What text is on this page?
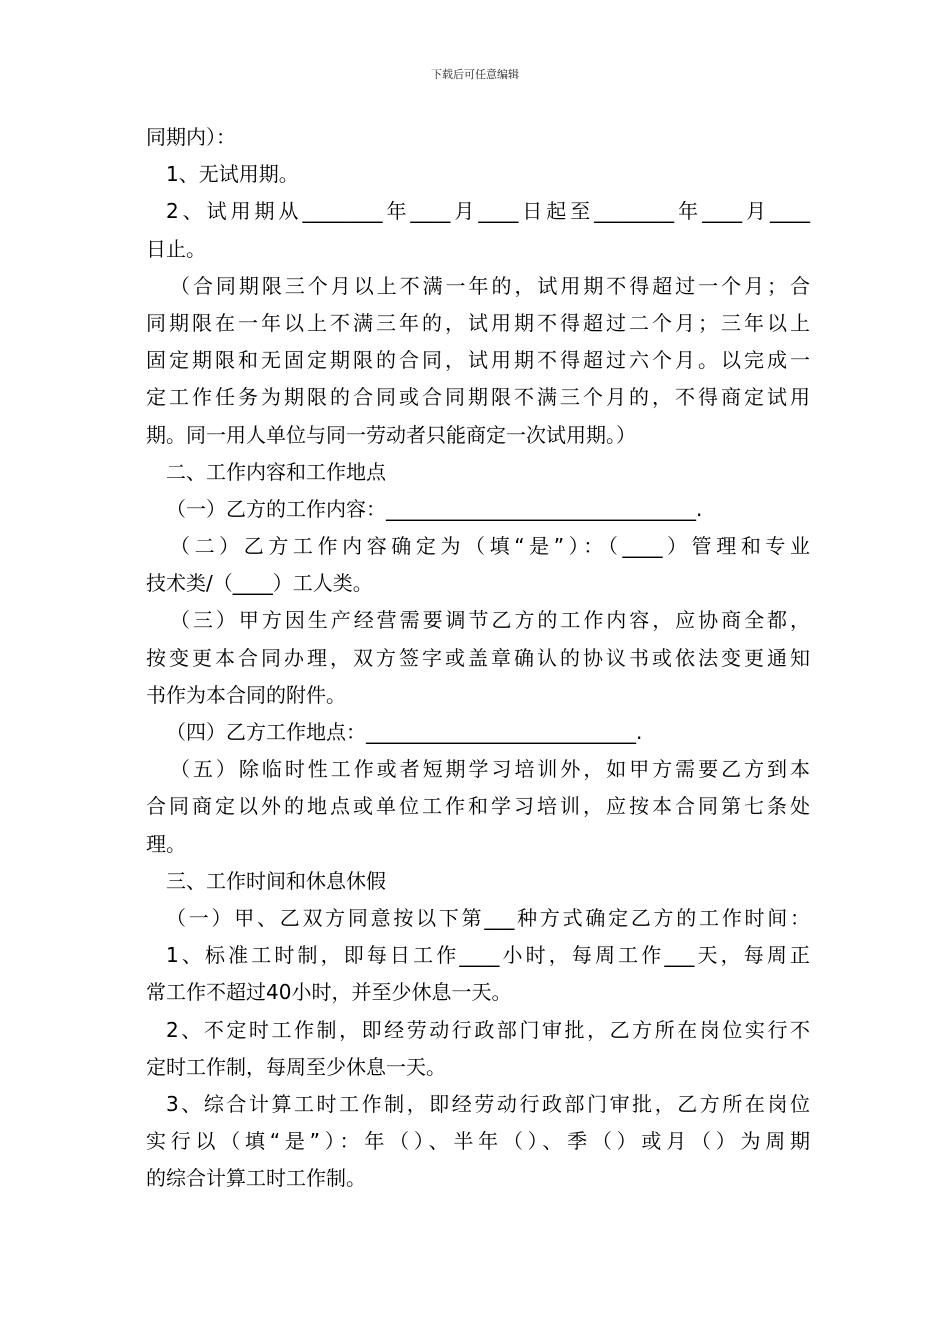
下载后可任意编辑
同期内）：
1、无试用期。
2、试用期从________年____月____日起至________年____月____
日止。
（合同期限三个月以上不满一年的，试用期不得超过一个月；合
同期限在一年以上不满三年的，试用期不得超过二个月；三年以上
固定期限和无固定期限的合同，试用期不得超过六个月。以完成一
定工作任务为期限的合同或合同期限不满三个月的，不得商定试用
期。同一用人单位与同一劳动者只能商定一次试用期。）
二、工作内容和工作地点
（一）乙方的工作内容：_______________________________.
（二）乙方工作内容确定为（填“是”）：（____）管理和专业
技术类/（____）工人类。
（三）甲方因生产经营需要调节乙方的工作内容，应协商全都，
按变更本合同办理，双方签字或盖章确认的协议书或依法变更通知
书作为本合同的附件。
（四）乙方工作地点：___________________________.
（五）除临时性工作或者短期学习培训外，如甲方需要乙方到本
合同商定以外的地点或单位工作和学习培训，应按本合同第七条处
理。
三、工作时间和休息休假
（一）甲、乙双方同意按以下第___种方式确定乙方的工作时间：
1、标准工时制，即每日工作____小时，每周工作___天，每周正
常工作不超过40小时，并至少休息一天。
2、不定时工作制，即经劳动行政部门审批，乙方所在岗位实行不
定时工作制，每周至少休息一天。
3、综合计算工时工作制，即经劳动行政部门审批，乙方所在岗位
实行以（填“是”）：年（）、半年（）、季（）或月（）为周期
的综合计算工时工作制。
